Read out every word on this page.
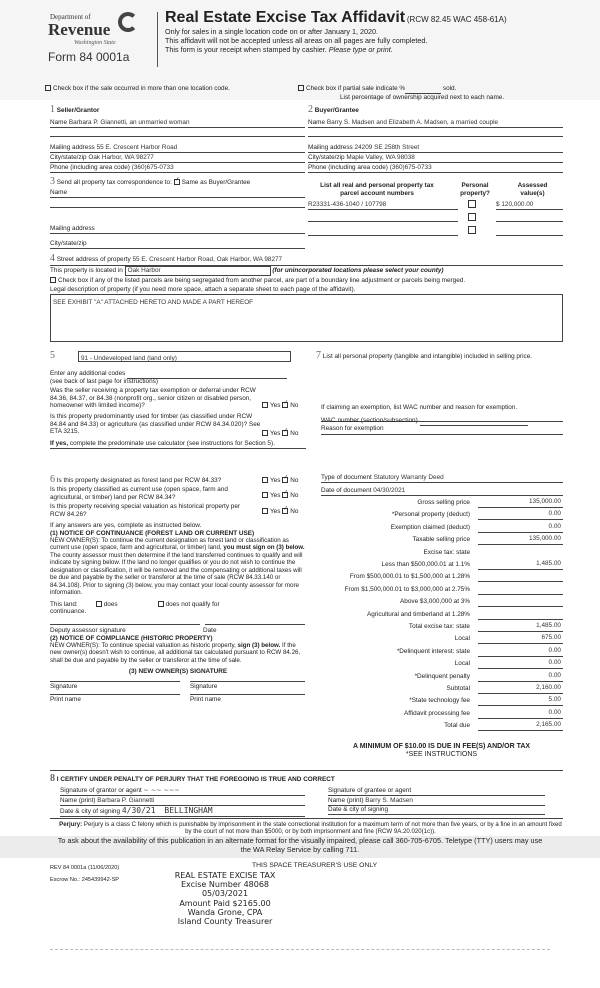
Department of
Revenue
Washington State
Form 84 0001a
Real Estate Excise Tax Affidavit (RCW 82.45 WAC 458-61A)
Only for sales in a single location code on or after January 1, 2020.
This affidavit will not be accepted unless all areas on all pages are fully completed.
This form is your receipt when stamped by cashier. Please type or print.
Check box if the sale occurred in more than one location code.	Check box if partial sale indicate %	sold.
List percentage of ownership acquired next to each name.
1 Seller/Grantor
Name Barbara P. Giannetti, an unmarried woman
Mailing address 55 E. Crescent Harbor Road
City/state/zip Oak Harbor, WA 98277
Phone (including area code) (360)675-0733
2 Buyer/Grantee
Name Barry S. Madsen and Elizabeth A. Madsen, a married couple
Mailing address 24209 SE 258th Street
City/state/zip Maple Valley, WA 98038
Phone (including area code) (360)675-0733
3 Send all property tax correspondence to: ✓ Same as Buyer/Grantee
Name
Mailing address
City/state/zip
List all real and personal property tax parcel account numbers
Personal property?
Assessed value(s)
R23331-436-1040 / 107798	$ 120,000.00
4 Street address of property 55 E. Crescent Harbor Road, Oak Harbor, WA 98277
This property is located in Oak Harbor	(for unincorporated locations please select your county)
Check box if any of the listed parcels are being segregated from another parcel, are part of a boundary line adjustment or parcels being merged.
Legal description of property (if you need more space, attach a separate sheet to each page of the affidavit).
SEE EXHIBIT "A" ATTACHED HERETO AND MADE A PART HEREOF
5	91 - Undeveloped land (land only)
Enter any additional codes
(see back of last page for instructions)
Was the seller receiving a property tax exemption or deferral under RCW 84.36, 84.37, or 84.38 (nonprofit org., senior citizen or disabled person, homeowner with limited income)?	Yes ✓ No
Is this property predominantly used for timber (as classified under RCW 84.84 and 84.33) or agriculture (as classified under RCW 84.34.020)? See ETA 3215.	Yes ✓ No
If yes, complete the predominate use calculator (see instructions for Section 5).
7 List all personal property (tangible and intangible) included in selling price.
If claiming an exemption, list WAC number and reason for exemption.
WAC number (section/subsection)
Reason for exemption
6 Is this property designated as forest land per RCW 84.33?	Yes ✓ No
Is this property classified as current use (open space, farm and agricultural, or timber) land per RCW 84.34?	Yes ✓ No
Is this property receiving special valuation as historical property per RCW 84.26?	Yes ✓ No
If any answers are yes, complete as instructed below.
(1) NOTICE OF CONTINUANCE (FOREST LAND OR CURRENT USE)
NEW OWNER(S): To continue the current designation as forest land or classification as current use (open space, farm and agricultural, or timber) land, you must sign on (3) below. The county assessor must then determine if the land transferred continues to qualify and will indicate by signing below. If the land no longer qualifies or you do not wish to continue the designation or classification, it will be removed and the compensating or additional taxes will be due and payable by the seller or transferor at the time of sale (RCW 84.33.140 or 84.34.108). Prior to signing (3) below, you may contact your local county assessor for more information.
This land:	does	does not qualify for
continuance.
Deputy assessor signature	Date
(2) NOTICE OF COMPLIANCE (HISTORIC PROPERTY)
NEW OWNER(S): To continue special valuation as historic property, sign (3) below. If the new owner(s) doesn't wish to continue, all additional tax calculated pursuant to RCW 84.26, shall be due and payable by the seller or transferor at the time of sale.
(3) NEW OWNER(S) SIGNATURE
Signature	Signature
Print name	Print name
Type of document Statutory Warranty Deed
Date of document 04/30/2021
Gross selling price	135,000.00
*Personal property (deduct)	0.00
Exemption claimed (deduct)	0.00
Taxable selling price	135,000.00
Excise tax: state
Less than $500,000.01 at 1.1%	1,485.00
From $500,000.01 to $1,500,000 at 1.28%
From $1,500,000.01 to $3,000,000 at 2.75%
Above $3,000,000 at 3%
Agricultural and timberland at 1.28%
Total excise tax: state	1,485.00
Local	675.00
*Delinquent interest: state	0.00
Local	0.00
*Delinquent penalty	0.00
Subtotal	2,160.00
*State technology fee	5.00
Affidavit processing fee	0.00
Total due	2,165.00
A MINIMUM OF $10.00 IS DUE IN FEE(S) AND/OR TAX
*SEE INSTRUCTIONS
8 I CERTIFY UNDER PENALTY OF PERJURY THAT THE FOREGOING IS TRUE AND CORRECT
Signature of grantor or agent ~ ~~ ~~~
Name (print) Barbara P. Giannetti
Date & city of signing 4/30/21 BELLINGHAM
Signature of grantee or agent
Name (print) Barry S. Madsen
Date & city of signing
Perjury: Perjury is a class C felony which is punishable by imprisonment in the state correctional institution for a maximum term of not more than five years, or by a fine in an amount fixed by the court of not more than $5000, or by both imprisonment and fine (RCW 9A.20.020(1c)).
To ask about the availability of this publication in an alternate format for the visually impaired, please call 360-705-6705. Teletype (TTY) users may use the WA Relay Service by calling 711.
REV 84 0001a (11/06/2020)	THIS SPACE TREASURER'S USE ONLY
Escrow No.: 245439942-SP	REAL ESTATE EXCISE TAX
Excise Number 48068
05/03/2021
Amount Paid $2165.00
Wanda Grone, CPA
Island County Treasurer
